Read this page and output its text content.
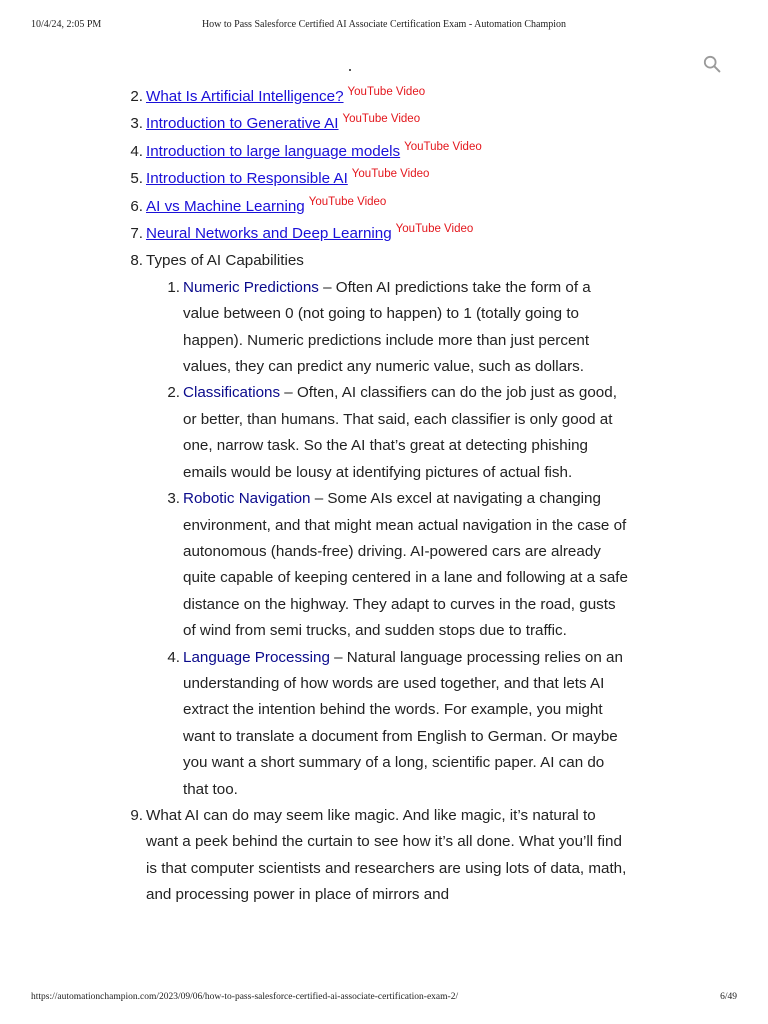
10/4/24, 2:05 PM	How to Pass Salesforce Certified AI Associate Certification Exam - Automation Champion
2. What Is Artificial Intelligence? $^{YouTube Video}$
3. Introduction to Generative AI $^{YouTube Video}$
4. Introduction to large language models $^{YouTube Video}$
5. Introduction to Responsible AI $^{YouTube Video}$
6. AI vs Machine Learning $^{YouTube Video}$
7. Neural Networks and Deep Learning $^{YouTube Video}$
8. Types of AI Capabilities
1. Numeric Predictions – Often AI predictions take the form of a value between 0 (not going to happen) to 1 (totally going to happen). Numeric predictions include more than just percent values, they can predict any numeric value, such as dollars.
2. Classifications – Often, AI classifiers can do the job just as good, or better, than humans. That said, each classifier is only good at one, narrow task. So the AI that’s great at detecting phishing emails would be lousy at identifying pictures of actual fish.
3. Robotic Navigation – Some AIs excel at navigating a changing environment, and that might mean actual navigation in the case of autonomous (hands-free) driving. AI-powered cars are already quite capable of keeping centered in a lane and following at a safe distance on the highway. They adapt to curves in the road, gusts of wind from semi trucks, and sudden stops due to traffic.
4. Language Processing – Natural language processing relies on an understanding of how words are used together, and that lets AI extract the intention behind the words. For example, you might want to translate a document from English to German. Or maybe you want a short summary of a long, scientific paper. AI can do that too.
9. What AI can do may seem like magic. And like magic, it’s natural to want a peek behind the curtain to see how it’s all done. What you’ll find is that computer scientists and researchers are using lots of data, math, and processing power in place of mirrors and
https://automationchampion.com/2023/09/06/how-to-pass-salesforce-certified-ai-associate-certification-exam-2/	6/49
